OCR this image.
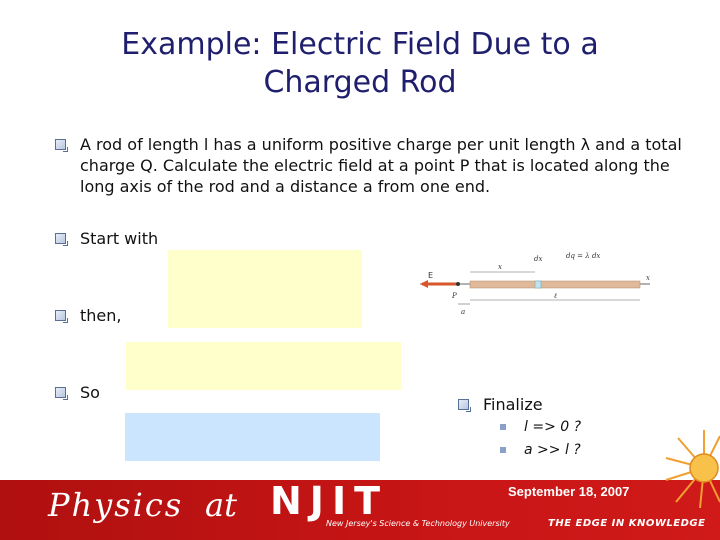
Example: Electric Field Due to a
Charged Rod
A rod of length l has a uniform positive charge per unit length λ and a total
charge Q. Calculate the electric field at a point P that is located along the
long axis of the rod and a distance a from one end.
Start with
then,
So
x
E
P
x
dx	dq = λ dx
a
ℓ
Finalize
l => 0 ?
a >> l ?
Physics at NJIT
New Jersey's Science & Technology University	THE EDGE IN KNOWLEDGE
September 18, 2007
